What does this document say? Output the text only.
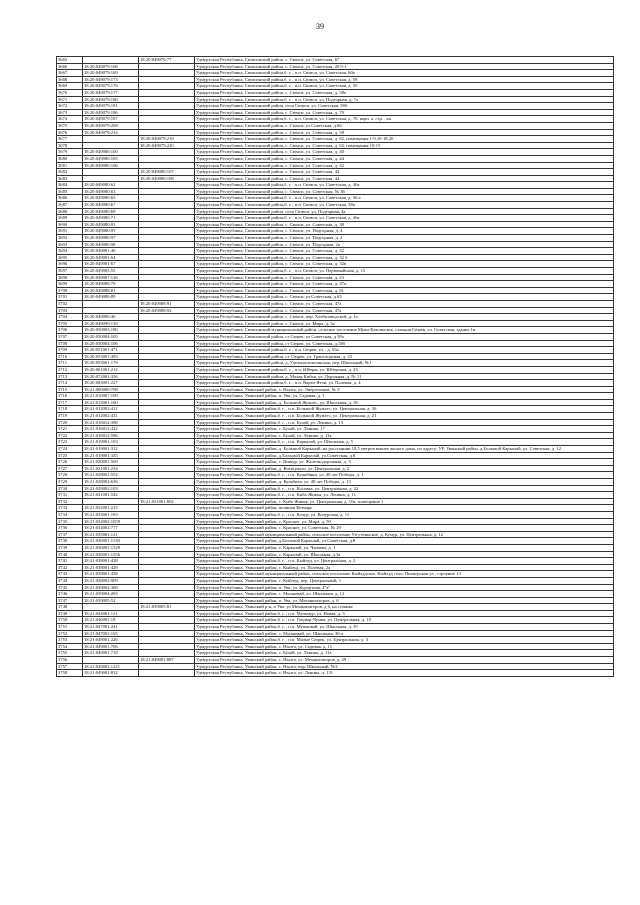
39
3665		18:20:049076:77	Удмуртская Республика, Сюмсинский район, с. Сюмси, ул. Советская, 67
3666	18:20:049079:168		Удмуртская Республика, Сюмсинский район, с. Сюмси, ул. Советская, 20 б-1
3667	18:20:049079:169		Удмуртская Республика, Сюмсинский район,б. г. , п.п. Сюмси, ул. Советская, 60а
3668	18:20:049079:173		Удмуртская Республика, Сюмсинский район,б. г. , п.п. Сюмси, ул. Советская, д. 58
3669	18:20:049079:176		Удмуртская Республика, Сюмсинский район,б. г. , п.п. Сюмси, ул. Советская, д. 50
3670	18:20:049079:177		Удмуртская Республика, Сюмсинский район, с. Сюмси, ул. Советская, д. 58а
3671	18:20:049079:180		Удмуртская Республика, Сюмсинский район,б. г. , п.п. Сюмси, ул. Подгорная, д. 7а
3672	18:20:049079:181		Удмуртская Республика, Сюмсинский район, село Сюмси, ул. Советская, 58б
3673	18:20:049079:186		Удмуртская Республика, Сюмсинский район, с. Сюмси, ул. Советская, д. 70
3674	18:20:049079:187		Удмуртская Республика, Сюмсинский район,б. г. , п.п. Сюмси, ул. Советская, д. 70, корп. а, стр. , кв.
3675	18:20:049079:208		Удмуртская Республика, Сюмсинский район, с. Сюмси, ул.Советская, д.66
3676	18:20:049079:214		Удмуртская Республика, Сюмсинский район, с. Сюмси, ул. Советская, д. 58
3677		18:20:049079:218	Удмуртская Республика, Сюмсинский район, с. Сюмси, ул. Советская, д. 62, помещения 1-9,16-18,20
3678		18:20:049079:220	Удмуртская Республика, Сюмсинский район, с. Сюмси, ул. Советская, д. 62, помещения 10-15
3679	18:20:049080:100		Удмуртская Республика, Сюмсинский район, с. Сюмси, ул. Советская, д. 40
3680	18:20:049080:105		Удмуртская Республика, Сюмсинский район, с. Сюмси, ул. Советская, д. 44
3681	18:20:049080:106		Удмуртская Республика, Сюмсинский район, с. Сюмси, ул. Советская, д. 42
3682		18:20:049080:107	Удмуртская Республика, Сюмсинский район, с. Сюмси, ул. Советская, 44
3683		18:20:049080:108	Удмуртская Республика, Сюмсинский район, с. Сюмси, ул. Советская, 44
3684	18:20:049080:62		Удмуртская Республика, Сюмсинский район,б. г. , п.п. Сюмси, ул. Советская, д. 40а
3685	18:20:049080:63		Удмуртская Республика, Сюмсинский район, с. Сюмси, ул. Советская, № 36
3686	18:20:049080:65		Удмуртская Республика, Сюмсинский район,б. г. , п.п. Сюмси, ул. Советская, д. 36 а
3687	18:20:049080:67		Удмуртская Республика, Сюмсинский район,б. г. , п.п. Сюмси, ул. Советская, 38а
3688	18:20:049080:69		Удмуртская Республика, Сюмсинский район, село Сюмси, ул. Подгорная, 4а
3689	18:20:049080:71		Удмуртская Республика, Сюмсинский район,б. г. , п.п. Сюмси, ул. Советская, д. 46а
3690	18:20:049080:93		Удмуртская Республика, Сюмсинский район, с. Сюмси, ул. Советская, д. 38
3691	18:20:049080:95		Удмуртская Республика, Сюмсинский район, с. Сюмси, ул. Подгорная, д. 4
3692	18:20:049080:97		Удмуртская Республика, Сюмсинский район, с. Сюмси, ул. Подгорная, д. 2
3693	18:20:049080:98		Удмуртская Республика, Сюмсинский район, с. Сюмси, ул. Подгорная, 2а
3694	18:20:049081:46		Удмуртская Республика, Сюмсинский район, с. Сюмси, ул. Советская, д. 32
3695	18:20:049081:64		Удмуртская Республика, Сюмсинский район, с. Сюмси, ул. Советская, д. 32 б
3696	18:20:049081:67		Удмуртская Республика, Сюмсинский район, с. Сюмси, ул. Советская, д. 32в
3697	18:20:049085:55		Удмуртская Республика, Сюмсинский район,б. г. , п.п. Сюмси, ул. Первомайская, д. 15
3698	18:20:049087:126		Удмуртская Республика, Сюмсинский район, с. Сюмси, ул. Советская, д. 23
3699	18:20:049088:79		Удмуртская Республика, Сюмсинский район, с. Сюмси, ул. Советская, д. 47а
3700	18:20:049088:81		Удмуртская Республика, Сюмсинский район, с. Сюмси, ул. Советская, д. 61
3701	18:20:049088:89		Удмуртская Республика, Сюмсинский район, с. Сюмси, ул.Советская, д.65
3702		18:20:049088:91	Удмуртская Республика, Сюмсинский район, с. Сюмси, ул. Советская, 47а
3703		18:20:049088:92	Удмуртская Республика, Сюмсинский район, с. Сюмси, ул. Советская, 47а
3704	18:20:049090:46		Удмуртская Республика, Сюмсинский район, с. Сюмси, пер. Хлебозаводской, д. 1а
3705	18:20:049090:130		Удмуртская Республика, Сюмсинский район, с. Сюмси, ул. Мира, д. 5а
3706	18:20:050003:180		Удмуртская Республика, Сюмсинский муниципальный район, сельское поселение Муки-Каксинское, станция Сюрек, ул. Советская, здание 1н
3707	18:20:050004:105		Удмуртская Республика, Сюмсинский район, ст Сюрек, ул Советская, д 58а
3708	18:20:050004:106		Удмуртская Республика, Сюмсинский район, ст Сюрек, ул. Советская, д.58б
3709	18:20:051001:471		Удмуртская Республика, Сюмсинский район,б. г. , п.п. Сюрек, ул. , д. 63а
3710	18:20:053001:493		Удмуртская Республика, Сюмсинский район, ст. Сюрек, ул. Транспортная, д. 23
3711	18:20:053001:179		Удмуртская Республика, Сюмсинский район, д. Удельносюмсинская, пер. Школьный, №1
3712	18:20:061001:212		Удмуртская Республика, Сюмсинский район,б. г. , п.п. Юберы, ул. Юберская, д. 23
3713	18:20:072001:356		Удмуртская Республика, Сюмсинский район, д. Малая Кибья, ул. Дорожная, д. № 11
3714	18:20:083001:227		Удмуртская Республика, Сюмсинский район,б. г. , п.п. Варзи-Ятчи, ул. Полевая, д. 4
3715	18:21:000000:708		Удмуртская Республика, Увинский район, с. Нылга, ул. Энергетиков, № 9
3716	18:21:010007:109		Удмуртская Республика, Увинский район, п. Ува, ул. Садовая, д. 1
3717	18:21:012001:160		Удмуртская Республика, Увинский район, д. Большой Жужгес, ул. Школьная, д. 36
3718	18:21:012002:412		Удмуртская Республика, Увинский район,б. г. , п.п. Большой Жужгес, ул. Центральная, д. 36
3719	18:21:012002:431		Удмуртская Республика, Увинский район,б. г. , п.п. Большой Жужгес, ул. Центральная, д. 21
3720	18:21:016012:398		Удмуртская Республика, Увинский район,б. г. , п.п. Булай, ул. Ленина, д. 13
3721	18:21:016012:422		Удмуртская Республика, Увинский район, с. Булай, ул. Ленина, 17
3722	18:21:016012:596		Удмуртская Республика, Увинский район, с. Булай, ул. Ленина, д. 11а
3723	18:21:019001:103		Удмуртская Республика, Увинский район,б. г. , п.п. Каркалай, ул. Школьная, д. 5
3724	18:21:019001:312		Удмуртская Республика, Увинский район, д. Большой Каркалай, на расстоянии 18,5 метров южнее жилого дома, по адресу: УР, Увинский район, д.Большой Каркалай, ул. Советская, д. 12
3725	18:21:019001:335		Удмуртская Республика, Увинский район, д.Большой Каркалай, ул.Советская, д.8
3726	18:21:020001:569		Удмуртская Республика, Увинский район, с. Вишур, ул. Железнодорожная, д. 3
3727	18:21:021001:254		Удмуртская Республика, Увинский район, д. Вотицакуш, ул. Центральная, д. 2
3728	18:21:028002:552		Удмуртская Республика, Увинский район,б. г. , п.п. Кушейнки, ул. 40 лет Победы, д. 1
3729	18:21:028002:636		Удмуртская Республика, Увинский район, д. Кулябиха, ул. 40 лет Победы, д. 13
3730	18:21:029002:103		Удмуртская Республика, Увинский район,б. г. , п.п. Косовка, ул. Центральная, д. 22
3731	18:21:031001:542		Удмуртская Республика, Увинский район,б. г. , п.п. Кибь-Жикья, ул. Ленина, д. 11
3732		18:21:031001:802	Удмуртская Республика, Увинский район, с. Кибь-Жикья, ул. Центральная, д. 10а, помещение 1
3733	18:21:032001:215		Удмуртская Республика, Увинский район, починок Кезмарь
3734	18:21:033001:183		Удмуртская Республика, Увинский район,б. г. , п.п. Кочур, ул. Кочурская, д. 11
3735	18:21:034002:1059		Удмуртская Республика, Увинский район, с. Красное, ул. Мира, д. 50
3736	18:21:034002:777		Удмуртская Республика, Увинский район, с. Красное, ул. Советская, № 29
3737	18:21:035001:121		Удмуртская Республика, Увинский муниципальный район, сельское поселение Узгутчинское, д. Кумур, ул. Центральная, д. 12
3738	18:21:036001:1139		Удмуртская Республика, Увинский район, д.Большой Каркалай, ул.Советская, д.8
3739	18:21:036001:1529		Удмуртская Республика, Увинский район, с. Каркалай, ул. Чапаева, д. 1
3740	18:21:036001:1556		Удмуртская Республика, Увинский район, с. Каркалай, ул. Школьная, д.3а
3741	18:21:038001:428		Удмуртская Республика, Увинский район,б. г. , п.п. Кыйлуд, ул. Центральная, д. 2
3742	18:21:038001:429		Удмуртская Республика, Увинский район, с. Кыйлуд, ул. Полевая, 2а
3743	18:21:038001:438		Удмуртская Республика, Увинский муниципальный район, сельское поселение Кыйлудское, Кыйлуд село, Пионерская ул., строение 1/1
3744	18:21:038002:909		Удмуртская Республика, Увинский район, с. Кыйлуд, пер. Центральный, 1
3745	18:21:039002:308		Удмуртская Республика, Увинский район, п. Ува, ул. Курортная, 2"а"
3746	18:21:039004:203		Удмуртская Республика, Увинский район, с. Мушковай, ул. Школьная, д. 12
3747	18:21:039005:52		Удмуртская Республика, Увинский район, п. Ува, ул. Механизаторов, д. 6
3748		18:21:039005:81	Удмуртская Республика, Увинский р-н, п Ува, ул Механизаторов, д 6, на стоянке
3749	18:21:044001:121		Удмуртская Республика, Увинский район,б. г. , п.п. Мульмур, ул. Новая, д. 3
3750	18:21:046001:18		Удмуртская Республика, Увинский район,б. г. , п.п. Гондыр-Чумка, ул. Центральная, д. 10
3751	18:21:047001:241		Удмуртская Республика, Увинский район,б. г. , п.п. Мушковай, ул. Школьная, д. 35
3752	18:21:047002:165		Удмуртская Республика, Увинский район, с. Мушковай, ул. Школьная, 36-а
3753	18:21:048001:226		Удмуртская Республика, Увинский район,б. г. , п.п. Малые Сюрек, ул. Центральная, д. 4
3754	18:21:049001:706		Удмуртская Республика, Увинский район, с. Нылга, ул. Садовая, д. 11
3755	18:21:049001:718		Удмуртская Республика, Увинский район, с. Булай, ул. Ленина, д. 11а
3756		18:21:049001:887	Удмуртская Республика, Увинский район, с. Нылга, ул. Механизаторов, д. 29
3757	18:21:049002:1221		Удмуртская Республика, Увинский район, с. Нылга, пер. Школьный, №3
3758	18:21:049002:832		Удмуртская Республика, Увинский район, с. Нылга, ул. Ленина, д. 131
